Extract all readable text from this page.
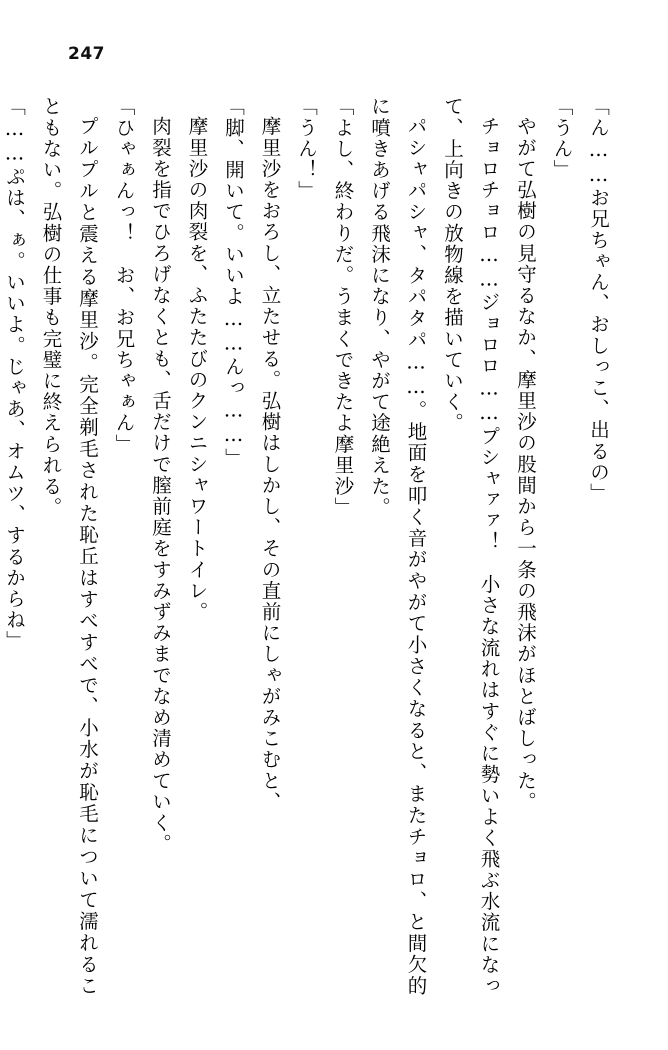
247

「ん……お兄ちゃん、おしっこ、出るの」

「うん」

やがて弘樹の見守るなか、摩里沙の股間から一条の飛沫がほとばしった。

チョロチョロ……ジョロロ……プシャァァ！　小さな流れはすぐに勢いよく飛ぶ水流になって、上向きの放物線を描いていく。

パシャパシャ、タパタパ……。地面を叩く音がやがて小さくなると、またチョロ、と間欠的に噴きあげる飛沫になり、やがて途絶えた。

「よし、終わりだ。うまくできたよ摩里沙」

「うん！」

摩里沙をおろし、立たせる。弘樹はしかし、その直前にしゃがみこむと、

「脚、開いて。いいよ……んっ……」

摩里沙の肉裂を、ふたたびのクンニシャワートイレ。

肉裂を指でひろげなくとも、舌だけで膣前庭をすみずみまでなめ清めていく。

「ひゃぁんっ！　お、お兄ちゃぁん」

プルプルと震える摩里沙。完全剃毛された恥丘はすべすべで、小水が恥毛について濡れることもない。弘樹の仕事も完璧に終えられる。

「……ぷは、ぁ。いいよ。じゃあ、オムツ、するからね」
